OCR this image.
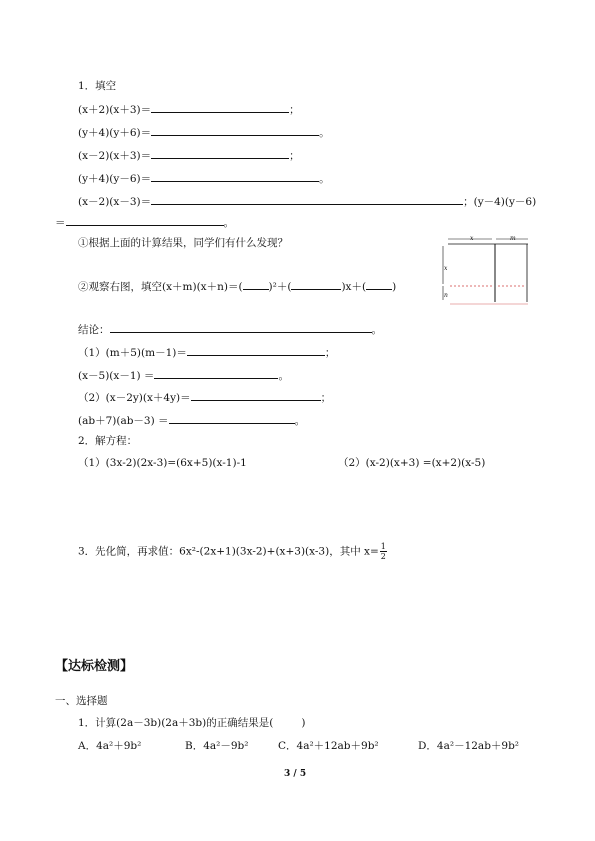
1．填空
(x＋2)(x＋3)＝	；
(y＋4)(y＋6)＝	。
(x－2)(x＋3)＝	；
(y＋4)(y－6)＝	。
(x－2)(x－3)＝	；(y－4)(y－6)
＝	。
①根据上面的计算结果，同学们有什么发现？
②观察右图，填空(x＋m)(x＋n)＝( )²＋(	)x＋( )
x	m
x
n
结论：	。
（1）(m＋5)(m－1)＝	；
(x－5)(x－1) ＝	。
（2）(x－2y)(x＋4y)＝	；
(ab＋7)(ab－3) ＝	。
2．解方程：
（1）(3x-2)(2x-3)=(6x+5)(x-1)-1	（2）(x-2)(x+3) =(x+2)(x-5)
3．先化简，再求值：6x²-(2x+1)(3x-2)+(x+3)(x-3)，其中 $x= \frac{1}{2}$
【达标检测】
一、选择题
1．计算(2a－3b)(2a＋3b)的正确结果是(	)
A．4a²＋9b²	B．4a²－9b²	C．4a²＋12ab＋9b²	D．4a²－12ab＋9b²
3 / 5
